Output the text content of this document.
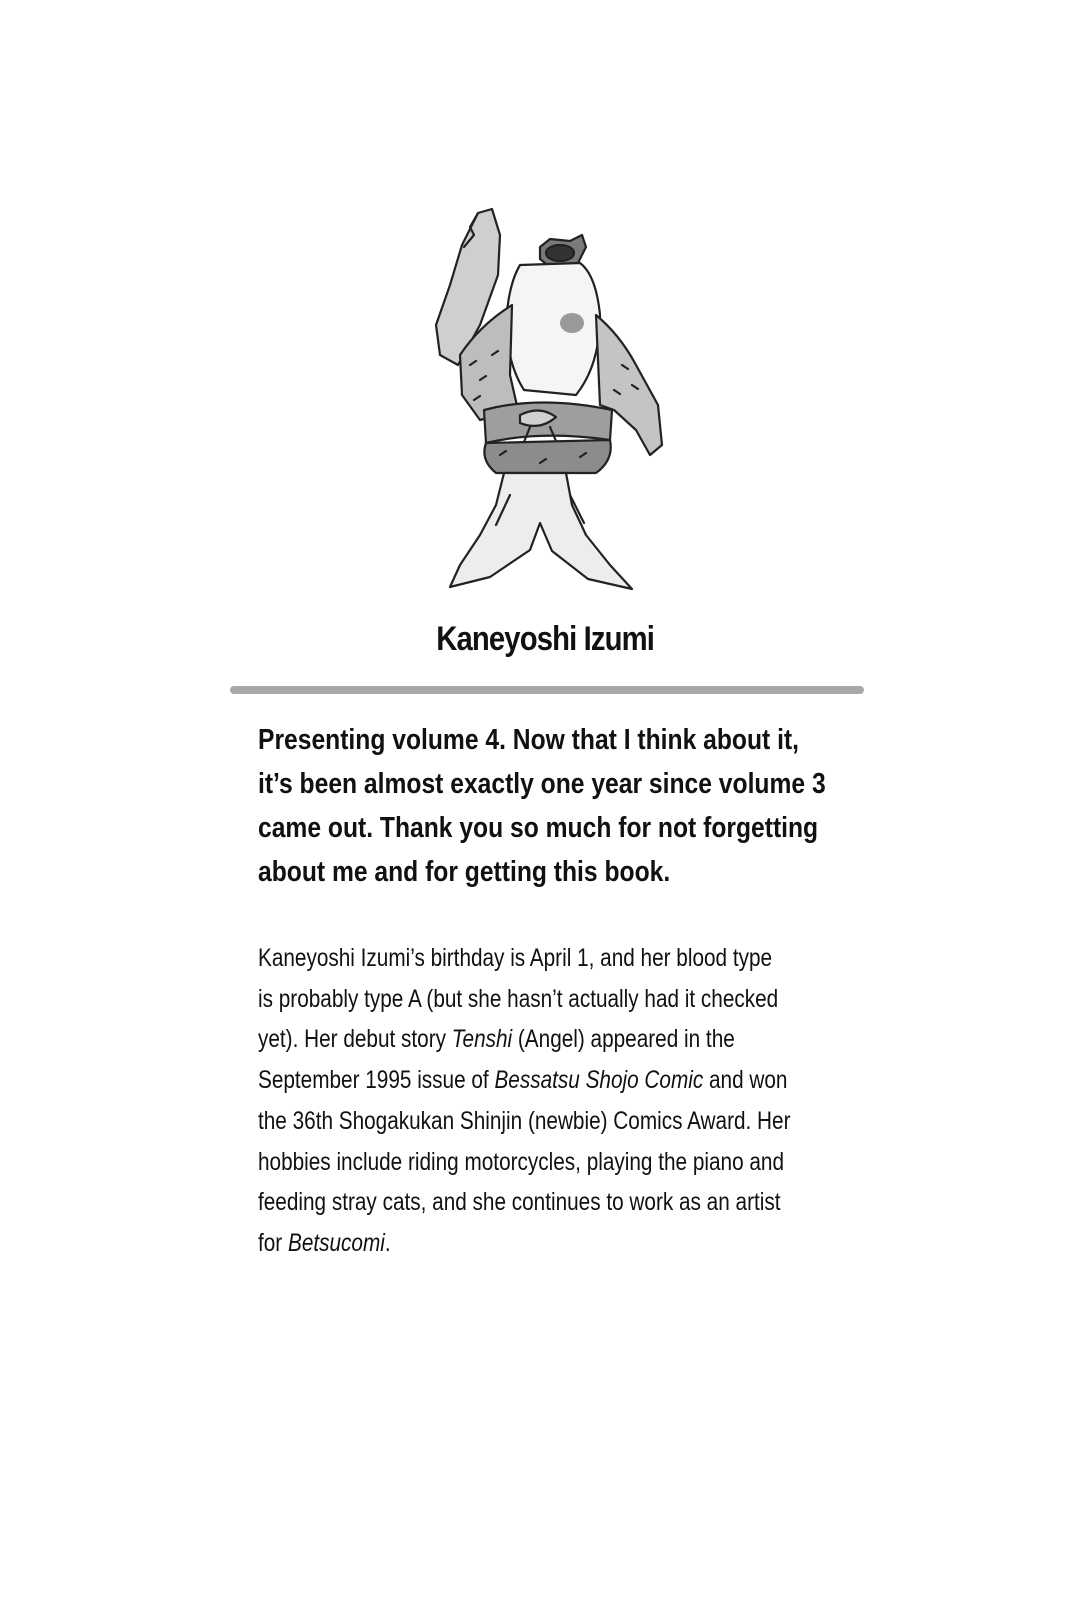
Kaneyoshi Izumi
Presenting volume 4. Now that I think about it,
it’s been almost exactly one year since volume 3
came out. Thank you so much for not forgetting
about me and for getting this book.
Kaneyoshi Izumi’s birthday is April 1, and her blood type
is probably type A (but she hasn’t actually had it checked
yet). Her debut story Tenshi (Angel) appeared in the
September 1995 issue of Bessatsu Shojo Comic and won
the 36th Shogakukan Shinjin (newbie) Comics Award. Her
hobbies include riding motorcycles, playing the piano and
feeding stray cats, and she continues to work as an artist
for Betsucomi.
